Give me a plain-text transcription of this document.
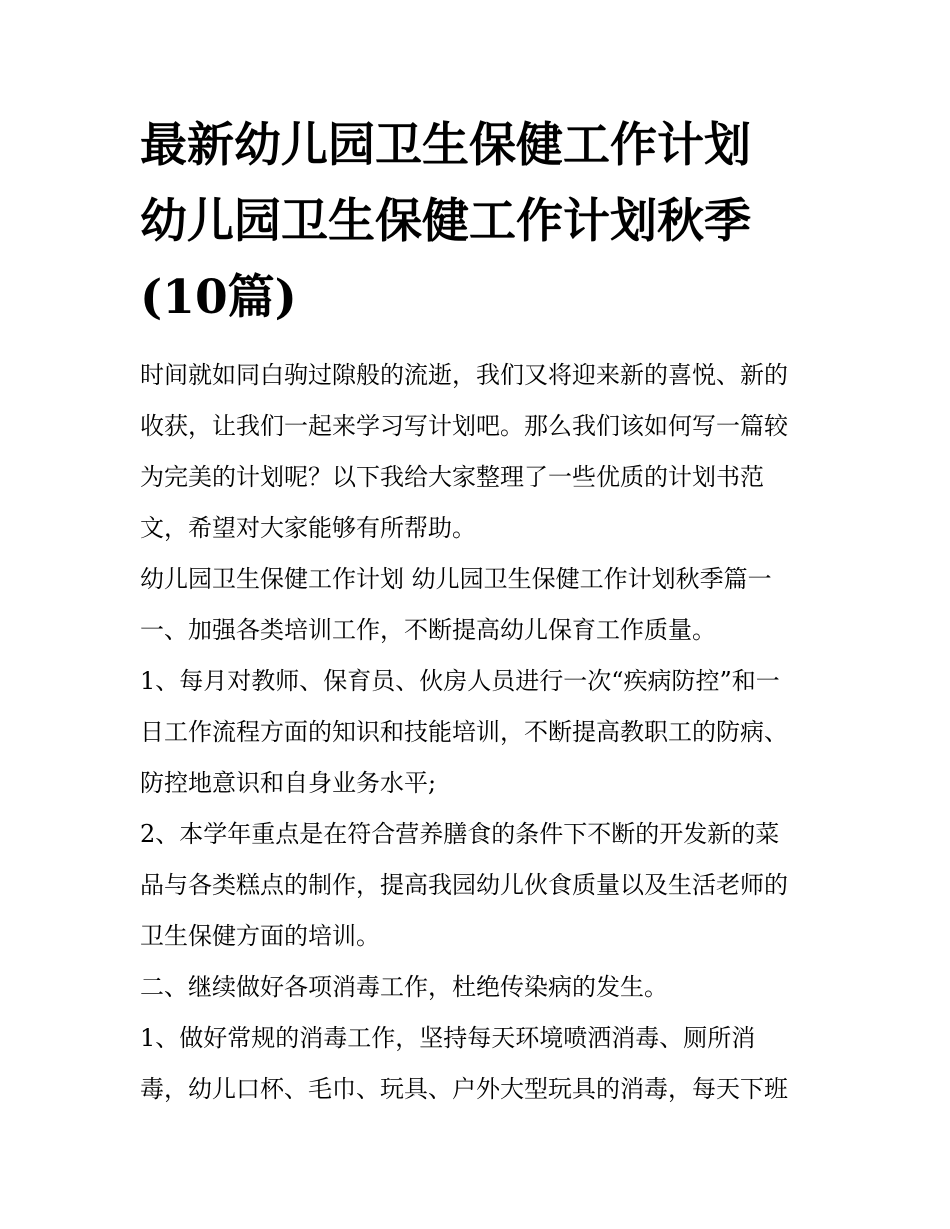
最新幼儿园卫生保健工作计划
幼儿园卫生保健工作计划秋季
(10篇)

时间就如同白驹过隙般的流逝，我们又将迎来新的喜悦、新的
收获，让我们一起来学习写计划吧。那么我们该如何写一篇较
为完美的计划呢？以下我给大家整理了一些优质的计划书范
文，希望对大家能够有所帮助。

幼儿园卫生保健工作计划 幼儿园卫生保健工作计划秋季篇一

一、加强各类培训工作，不断提高幼儿保育工作质量。

1、每月对教师、保育员、伙房人员进行一次“疾病防控”和一
日工作流程方面的知识和技能培训，不断提高教职工的防病、
防控地意识和自身业务水平;

2、本学年重点是在符合营养膳食的条件下不断的开发新的菜
品与各类糕点的制作，提高我园幼儿伙食质量以及生活老师的
卫生保健方面的培训。

二、继续做好各项消毒工作，杜绝传染病的发生。

1、做好常规的消毒工作，坚持每天环境喷洒消毒、厕所消
毒，幼儿口杯、毛巾、玩具、户外大型玩具的消毒，每天下班
